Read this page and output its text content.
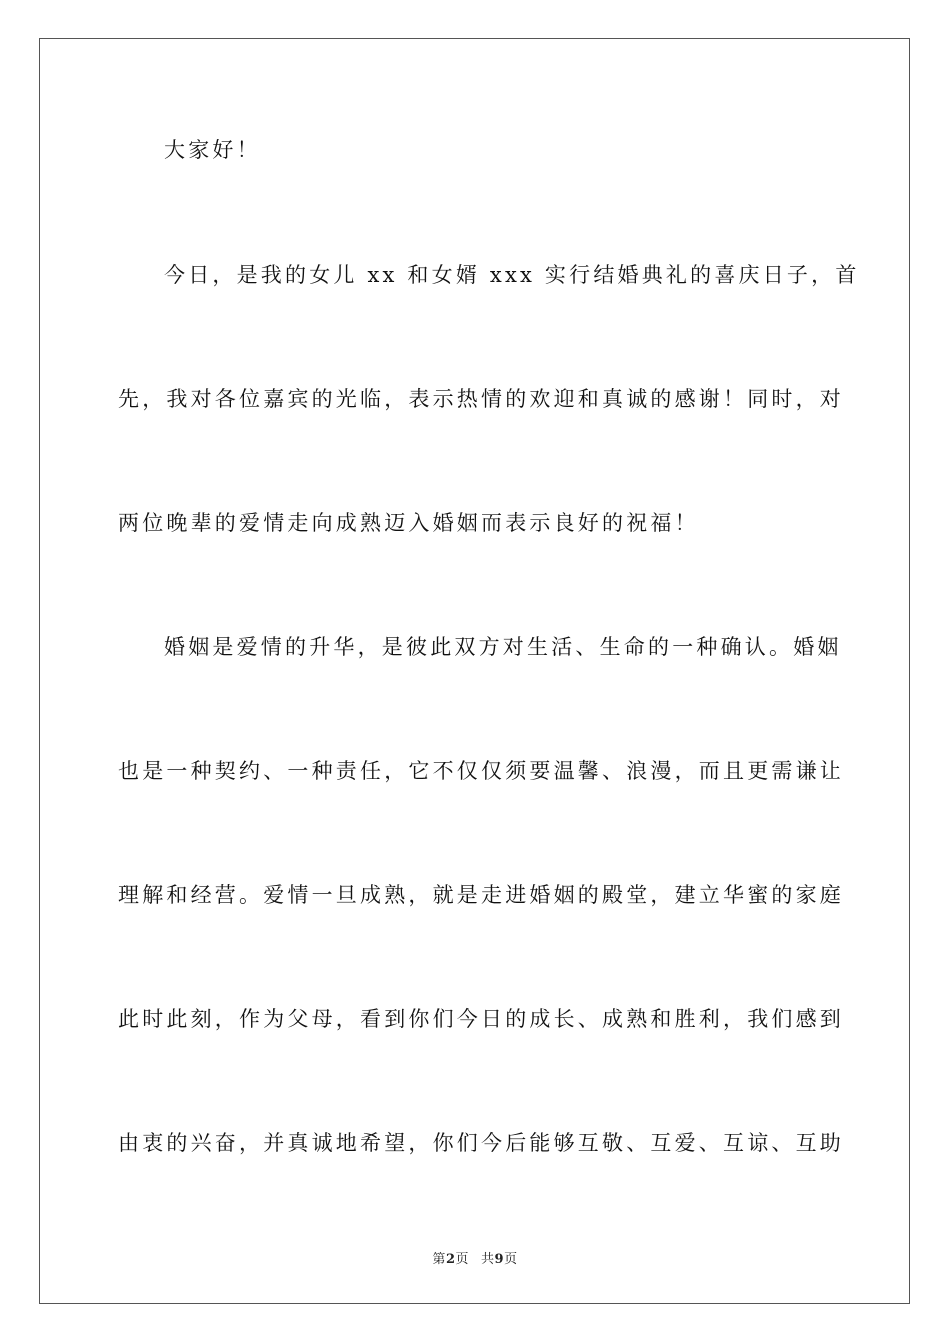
大家好！

今日，是我的女儿 xx 和女婿 xxx 实行结婚典礼的喜庆日子，首

先，我对各位嘉宾的光临，表示热情的欢迎和真诚的感谢！同时，对

两位晚辈的爱情走向成熟迈入婚姻而表示良好的祝福！

婚姻是爱情的升华，是彼此双方对生活、生命的一种确认。婚姻

也是一种契约、一种责任，它不仅仅须要温馨、浪漫，而且更需谦让

理解和经营。爱情一旦成熟，就是走进婚姻的殿堂，建立华蜜的家庭

此时此刻，作为父母，看到你们今日的成长、成熟和胜利，我们感到

由衷的兴奋，并真诚地希望，你们今后能够互敬、互爱、互谅、互助

第2页 共9页
